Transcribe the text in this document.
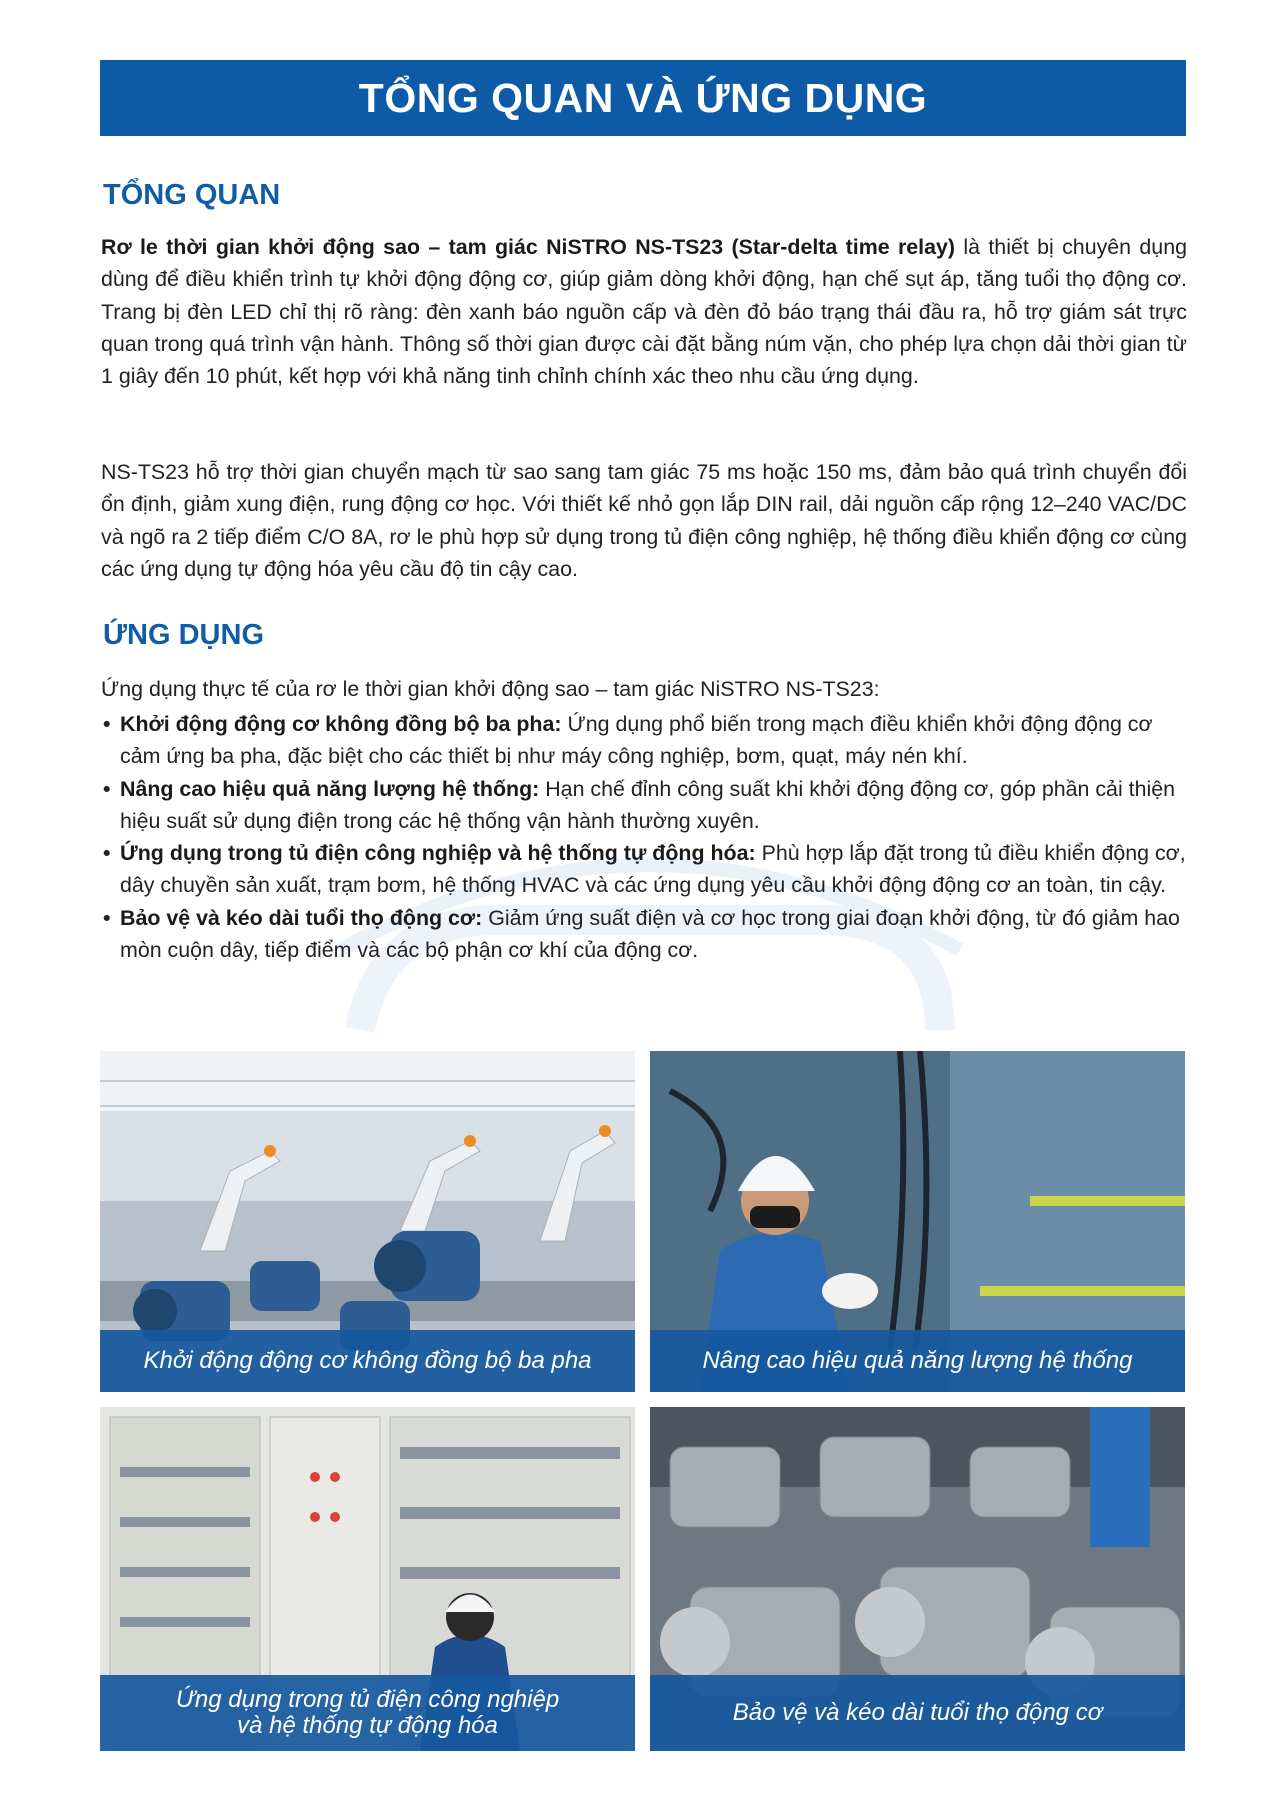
TỔNG QUAN VÀ ỨNG DỤNG
TỔNG QUAN

Rơ le thời gian khởi động sao – tam giác NiSTRO NS-TS23 (Star-delta time relay) là thiết bị chuyên dụng dùng để điều khiển trình tự khởi động động cơ, giúp giảm dòng khởi động, hạn chế sụt áp, tăng tuổi thọ động cơ. Trang bị đèn LED chỉ thị rõ ràng: đèn xanh báo nguồn cấp và đèn đỏ báo trạng thái đầu ra, hỗ trợ giám sát trực quan trong quá trình vận hành. Thông số thời gian được cài đặt bằng núm vặn, cho phép lựa chọn dải thời gian từ 1 giây đến 10 phút, kết hợp với khả năng tinh chỉnh chính xác theo nhu cầu ứng dụng.

NS-TS23 hỗ trợ thời gian chuyển mạch từ sao sang tam giác 75 ms hoặc 150 ms, đảm bảo quá trình chuyển đổi ổn định, giảm xung điện, rung động cơ học. Với thiết kế nhỏ gọn lắp DIN rail, dải nguồn cấp rộng 12–240 VAC/DC và ngõ ra 2 tiếp điểm C/O 8A, rơ le phù hợp sử dụng trong tủ điện công nghiệp, hệ thống điều khiển động cơ cùng các ứng dụng tự động hóa yêu cầu độ tin cậy cao.

ỨNG DỤNG

Ứng dụng thực tế của rơ le thời gian khởi động sao – tam giác NiSTRO NS-TS23:

• Khởi động động cơ không đồng bộ ba pha: Ứng dụng phổ biến trong mạch điều khiển khởi động động cơ cảm ứng ba pha, đặc biệt cho các thiết bị như máy công nghiệp, bơm, quạt, máy nén khí.
• Nâng cao hiệu quả năng lượng hệ thống: Hạn chế đỉnh công suất khi khởi động động cơ, góp phần cải thiện hiệu suất sử dụng điện trong các hệ thống vận hành thường xuyên.
• Ứng dụng trong tủ điện công nghiệp và hệ thống tự động hóa: Phù hợp lắp đặt trong tủ điều khiển động cơ, dây chuyền sản xuất, trạm bơm, hệ thống HVAC và các ứng dụng yêu cầu khởi động động cơ an toàn, tin cậy.
• Bảo vệ và kéo dài tuổi thọ động cơ: Giảm ứng suất điện và cơ học trong giai đoạn khởi động, từ đó giảm hao mòn cuộn dây, tiếp điểm và các bộ phận cơ khí của động cơ.
Khởi động động cơ không đồng bộ ba pha	Nâng cao hiệu quả năng lượng hệ thống
Ứng dụng trong tủ điện công nghiệp
và hệ thống tự động hóa	Bảo vệ và kéo dài tuổi thọ động cơ
